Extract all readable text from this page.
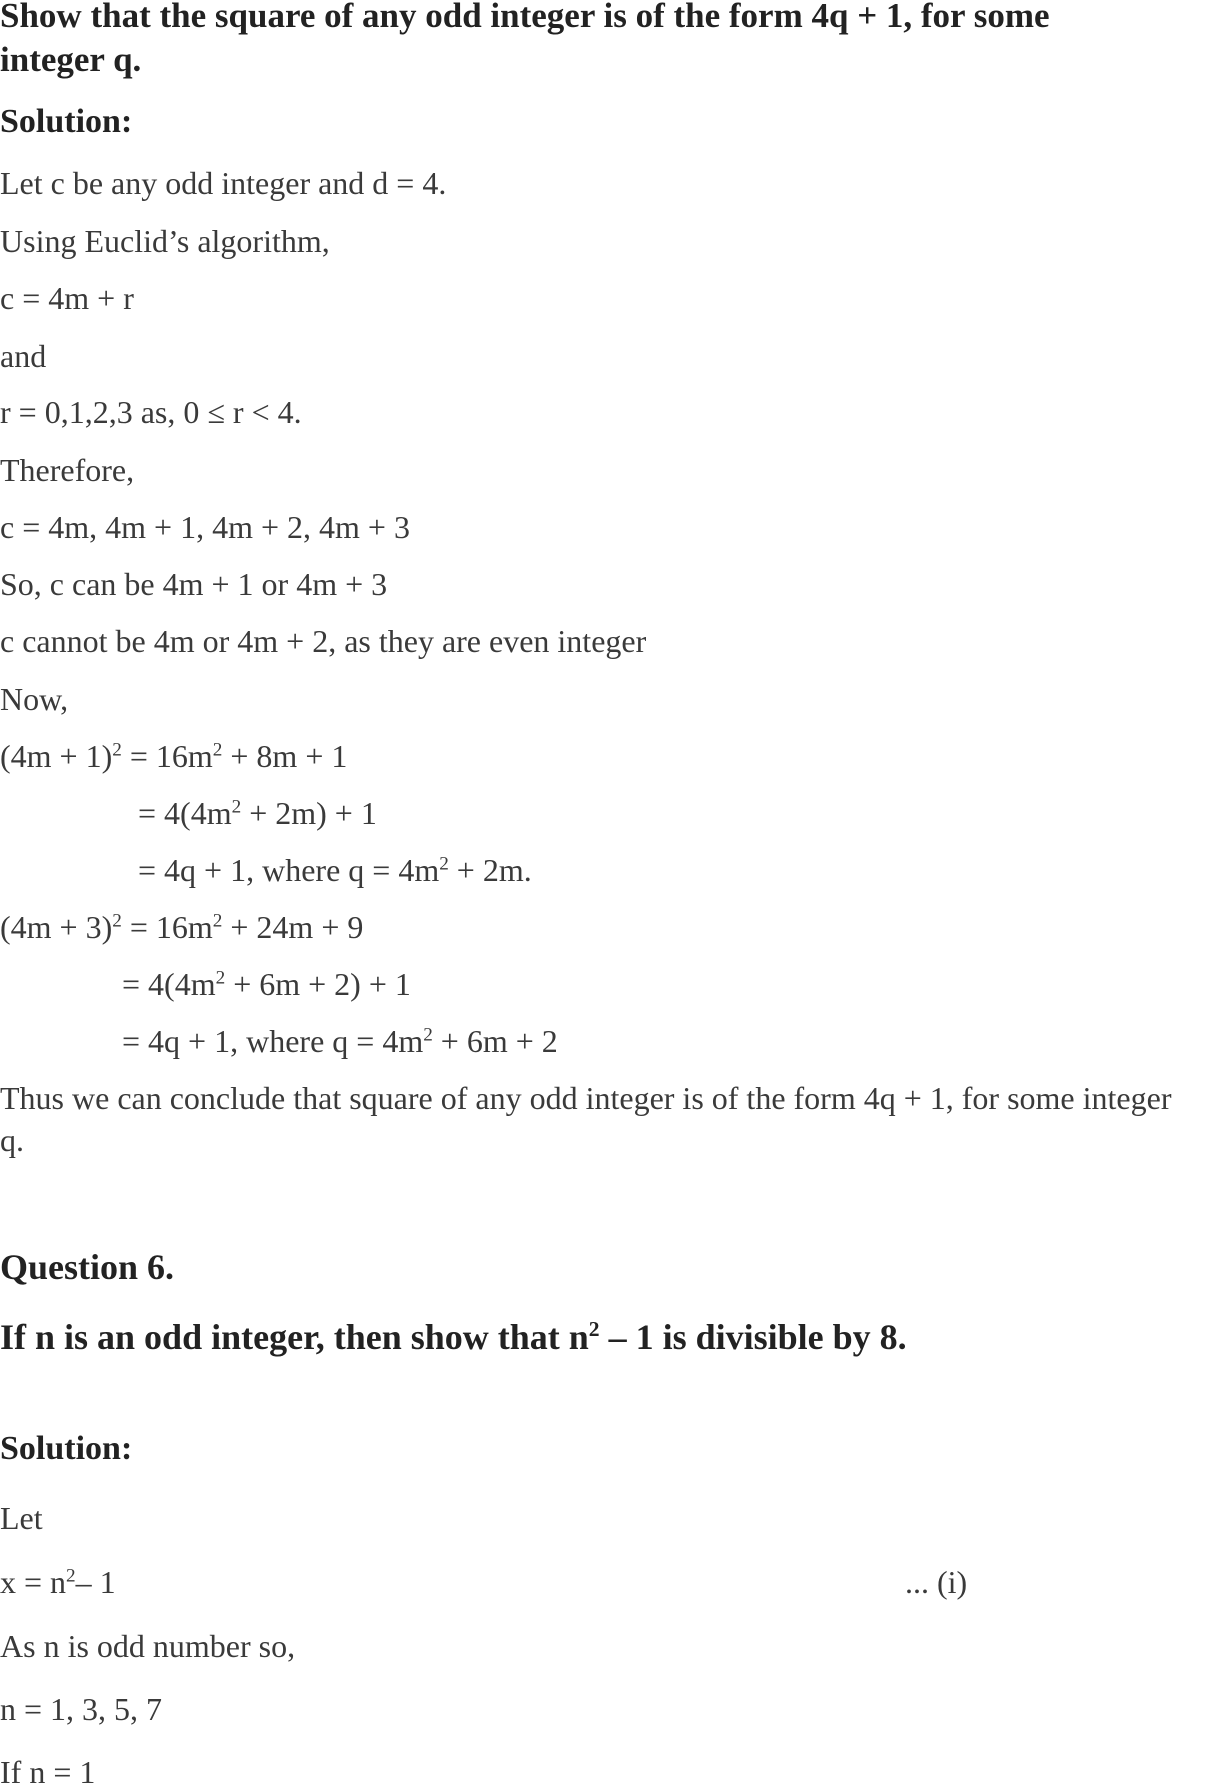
Show that the square of any odd integer is of the form 4q + 1, for some
integer q.
Solution:
Let c be any odd integer and d = 4.
Using Euclid’s algorithm,
c = 4m + r
and
r = 0,1,2,3 as, 0 ≤ r < 4.
Therefore,
c = 4m, 4m + 1, 4m + 2, 4m + 3
So, c can be 4m + 1 or 4m + 3
c cannot be 4m or 4m + 2, as they are even integer
Now,
$(4m + 1)^2 = 16m^2 + 8m + 1$
= $4(4m^2 + 2m) + 1$
= 4q + 1, where $q = 4m^2 + 2m$.
$(4m + 3)^2 = 16m^2 + 24m + 9$
= $4(4m^2 + 6m + 2) + 1$
= 4q + 1, where $q = 4m^2 + 6m + 2$
Thus we can conclude that square of any odd integer is of the form 4q + 1, for some integer
q.
Question 6.
If n is an odd integer, then show that $n^2 - 1$ is divisible by 8.
Solution:
Let
$x = n^2-$ 1	... (i)
As n is odd number so,
n = 1, 3, 5, 7
If n = 1
